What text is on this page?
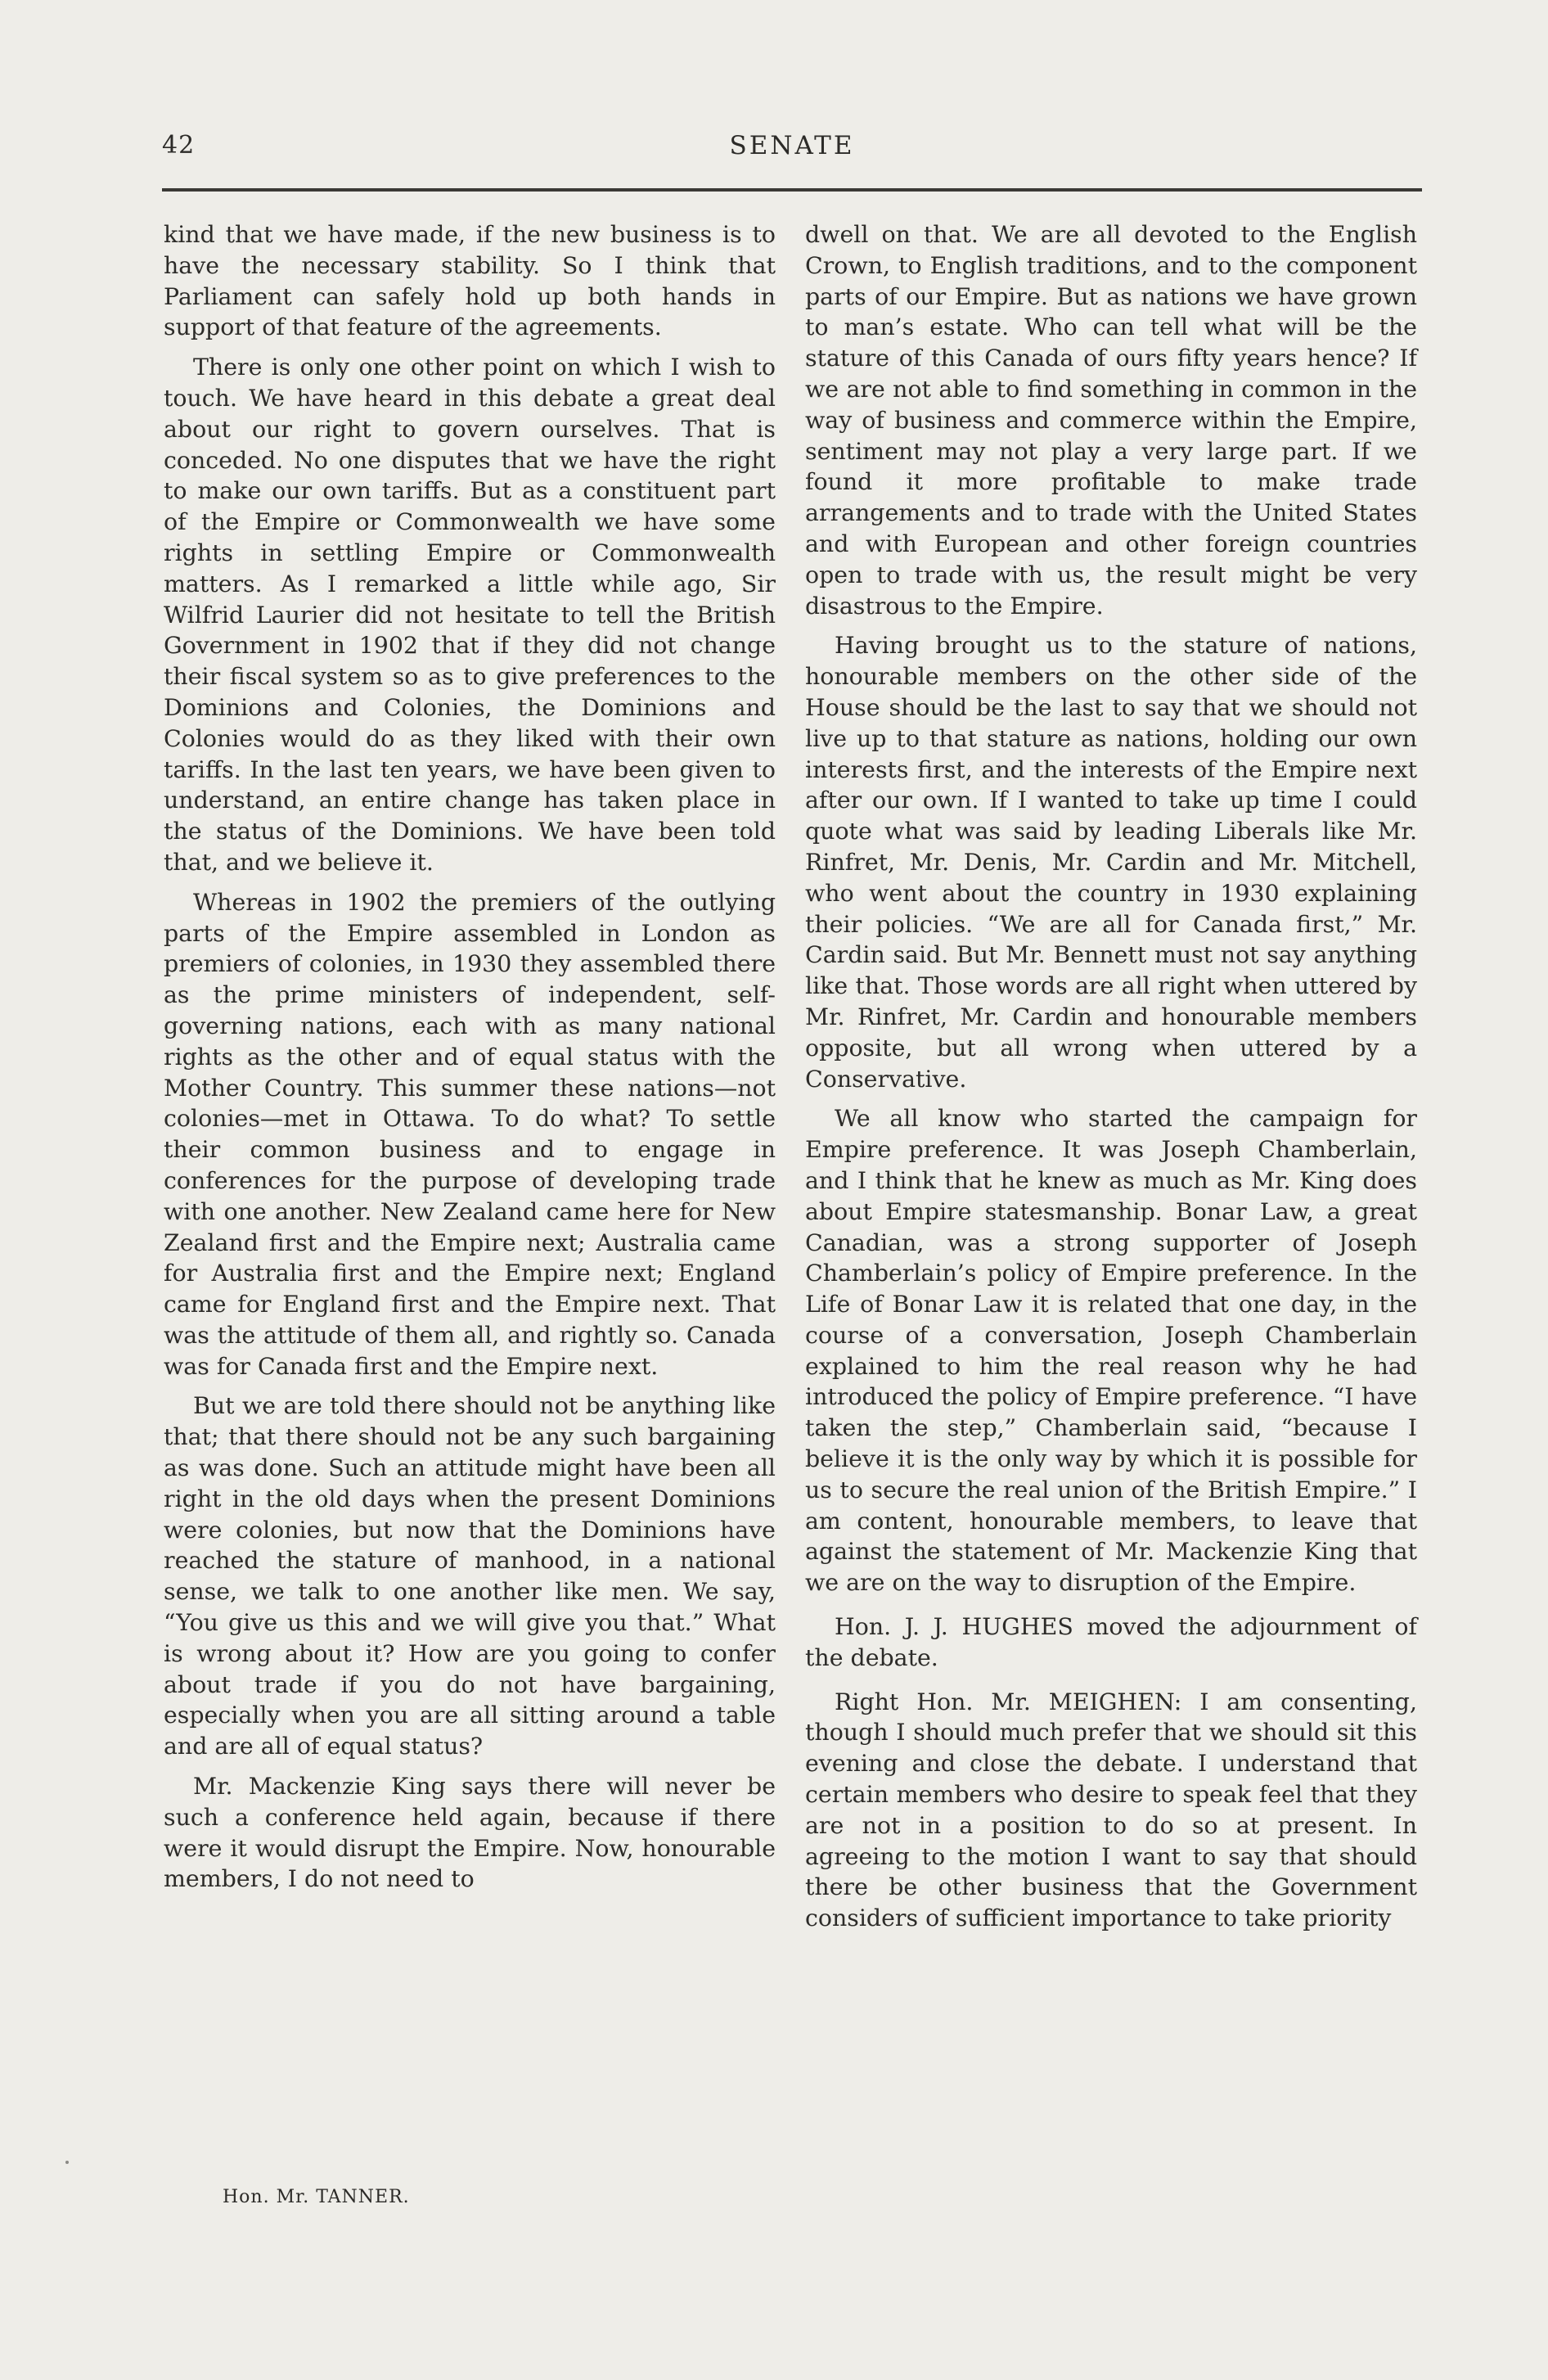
42	SENATE

kind that we have made, if the new business is to have the necessary stability. So I think that Parliament can safely hold up both hands in support of that feature of the agreements.

There is only one other point on which I wish to touch. We have heard in this debate a great deal about our right to govern ourselves. That is conceded. No one disputes that we have the right to make our own tariffs. But as a constituent part of the Empire or Commonwealth we have some rights in settling Empire or Commonwealth matters. As I remarked a little while ago, Sir Wilfrid Laurier did not hesitate to tell the British Government in 1902 that if they did not change their fiscal system so as to give preferences to the Dominions and Colonies, the Dominions and Colonies would do as they liked with their own tariffs. In the last ten years, we have been given to understand, an entire change has taken place in the status of the Dominions. We have been told that, and we believe it.

Whereas in 1902 the premiers of the outlying parts of the Empire assembled in London as premiers of colonies, in 1930 they assembled there as the prime ministers of independent, self-governing nations, each with as many national rights as the other and of equal status with the Mother Country. This summer these nations—not colonies—met in Ottawa. To do what? To settle their common business and to engage in conferences for the purpose of developing trade with one another. New Zealand came here for New Zealand first and the Empire next; Australia came for Australia first and the Empire next; England came for England first and the Empire next. That was the attitude of them all, and rightly so. Canada was for Canada first and the Empire next.

But we are told there should not be anything like that; that there should not be any such bargaining as was done. Such an attitude might have been all right in the old days when the present Dominions were colonies, but now that the Dominions have reached the stature of manhood, in a national sense, we talk to one another like men. We say, “You give us this and we will give you that.” What is wrong about it? How are you going to confer about trade if you do not have bargaining, especially when you are all sitting around a table and are all of equal status?

Mr. Mackenzie King says there will never be such a conference held again, because if there were it would disrupt the Empire. Now, honourable members, I do not need to

Hon. Mr. TANNER.

dwell on that. We are all devoted to the English Crown, to English traditions, and to the component parts of our Empire. But as nations we have grown to man’s estate. Who can tell what will be the stature of this Canada of ours fifty years hence? If we are not able to find something in common in the way of business and commerce within the Empire, sentiment may not play a very large part. If we found it more profitable to make trade arrangements and to trade with the United States and with European and other foreign countries open to trade with us, the result might be very disastrous to the Empire.

Having brought us to the stature of nations, honourable members on the other side of the House should be the last to say that we should not live up to that stature as nations, holding our own interests first, and the interests of the Empire next after our own. If I wanted to take up time I could quote what was said by leading Liberals like Mr. Rinfret, Mr. Denis, Mr. Cardin and Mr. Mitchell, who went about the country in 1930 explaining their policies. “We are all for Canada first,” Mr. Cardin said. But Mr. Bennett must not say anything like that. Those words are all right when uttered by Mr. Rinfret, Mr. Cardin and honourable members opposite, but all wrong when uttered by a Conservative.

We all know who started the campaign for Empire preference. It was Joseph Chamberlain, and I think that he knew as much as Mr. King does about Empire statesmanship. Bonar Law, a great Canadian, was a strong supporter of Joseph Chamberlain’s policy of Empire preference. In the Life of Bonar Law it is related that one day, in the course of a conversation, Joseph Chamberlain explained to him the real reason why he had introduced the policy of Empire preference. “I have taken the step,” Chamberlain said, “because I believe it is the only way by which it is possible for us to secure the real union of the British Empire.” I am content, honourable members, to leave that against the statement of Mr. Mackenzie King that we are on the way to disruption of the Empire.

Hon. J. J. HUGHES moved the adjournment of the debate.

Right Hon. Mr. MEIGHEN: I am consenting, though I should much prefer that we should sit this evening and close the debate. I understand that certain members who desire to speak feel that they are not in a position to do so at present. In agreeing to the motion I want to say that should there be other business that the Government considers of sufficient importance to take priority
